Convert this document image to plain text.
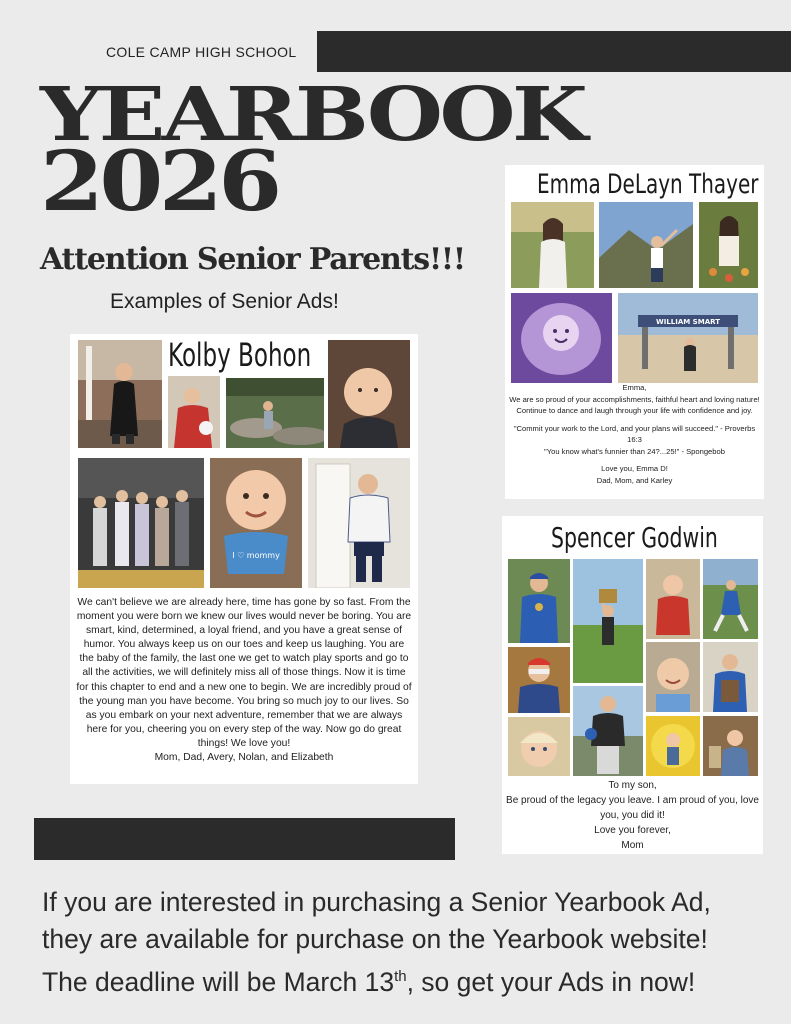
COLE CAMP HIGH SCHOOL
YEARBOOK
2026
Attention Senior Parents!!!
Examples of Senior Ads!
Kolby Bohon
I ♡ mommy

We can't believe we are already here, time has gone by so fast. From the moment you were born we knew our lives would never be boring. You are smart, kind, determined, a loyal friend, and you have a great sense of humor. You always keep us on our toes and keep us laughing. You are the baby of the family, the last one we get to watch play sports and go to all the activities, we will definitely miss all of those things. Now it is time for this chapter to end and a new one to begin. We are incredibly proud of the young man you have become. You bring so much joy to our lives. So as you embark on your next adventure, remember that we are always here for you, cheering you on every step of the way. Now go do great things! We love you!

Mom, Dad, Avery, Nolan, and Elizabeth

Emma DeLayn Thayer
WILLIAM SMART

Emma,

We are so proud of your accomplishments, faithful heart and loving nature! Continue to dance and laugh through your life with confidence and joy.

"Commit your work to the Lord, and your plans will succeed." - Proverbs 16:3

"You know what's funnier than 24?...25!" - Spongebob

Love you, Emma D!

Dad, Mom, and Karley

Spencer Godwin

To my son,

Be proud of the legacy you leave. I am proud of you, love you, you did it!

Love you forever,

Mom

If you are interested in purchasing a Senior Yearbook Ad,
they are available for purchase on the Yearbook website!
The deadline will be March 13th, so get your Ads in now!
